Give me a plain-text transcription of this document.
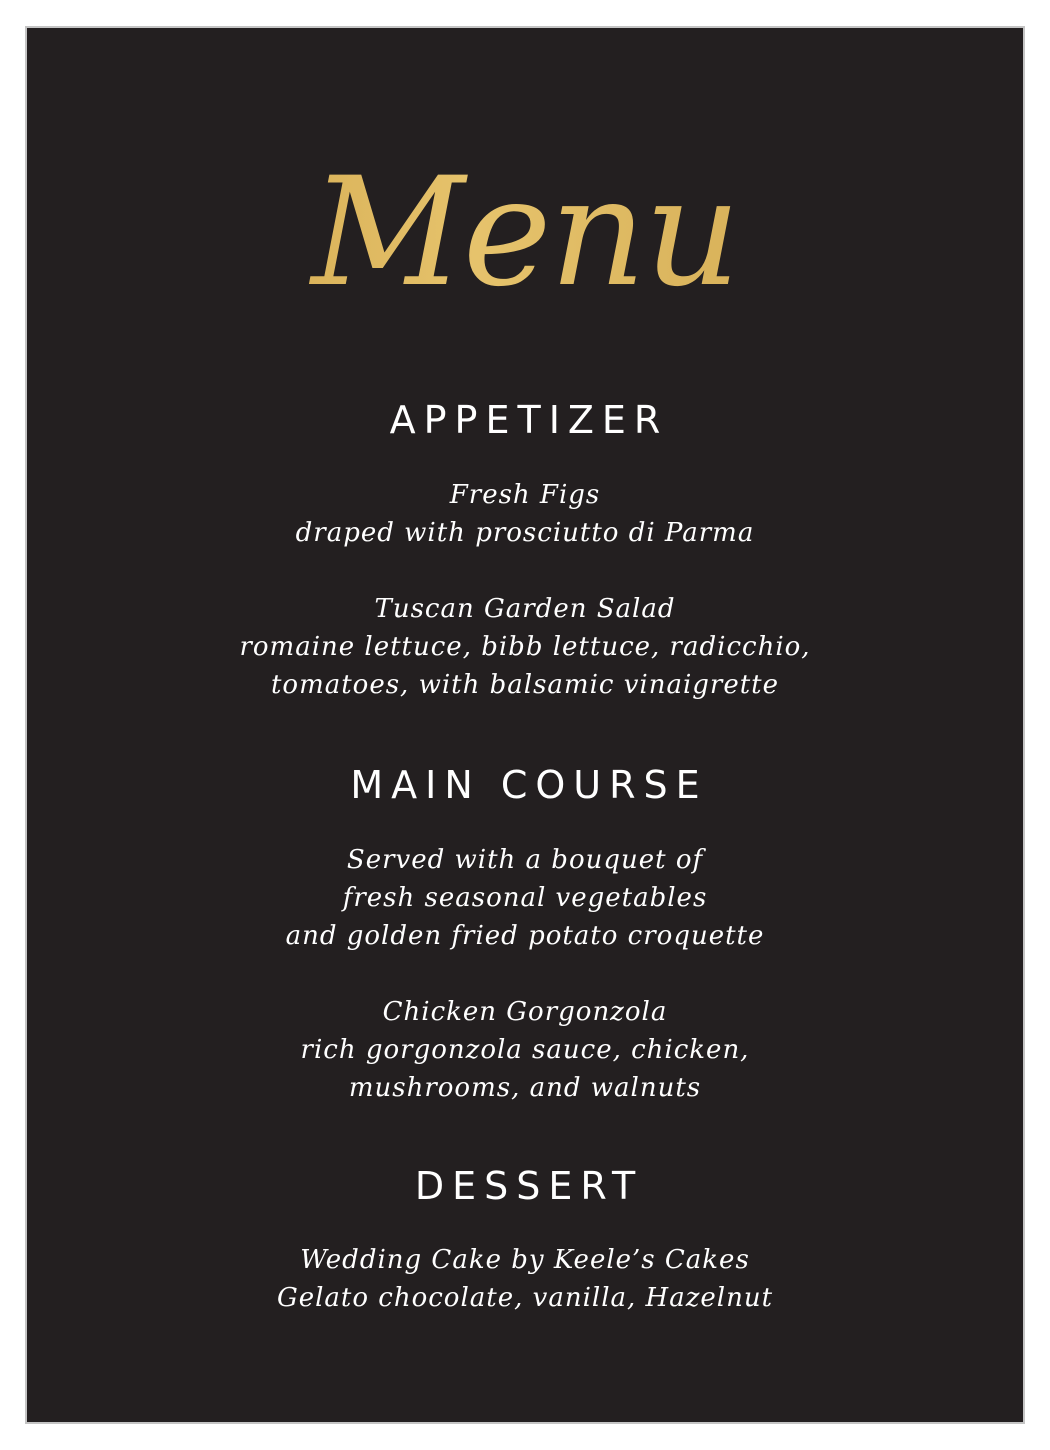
Menu
APPETIZER
Fresh Figs
draped with prosciutto di Parma
Tuscan Garden Salad
romaine lettuce, bibb lettuce, radicchio,
tomatoes, with balsamic vinaigrette
MAIN COURSE
Served with a bouquet of
fresh seasonal vegetables
and golden fried potato croquette
Chicken Gorgonzola
rich gorgonzola sauce, chicken,
mushrooms, and walnuts
DESSERT
Wedding Cake by Keele’s Cakes
Gelato chocolate, vanilla, Hazelnut
